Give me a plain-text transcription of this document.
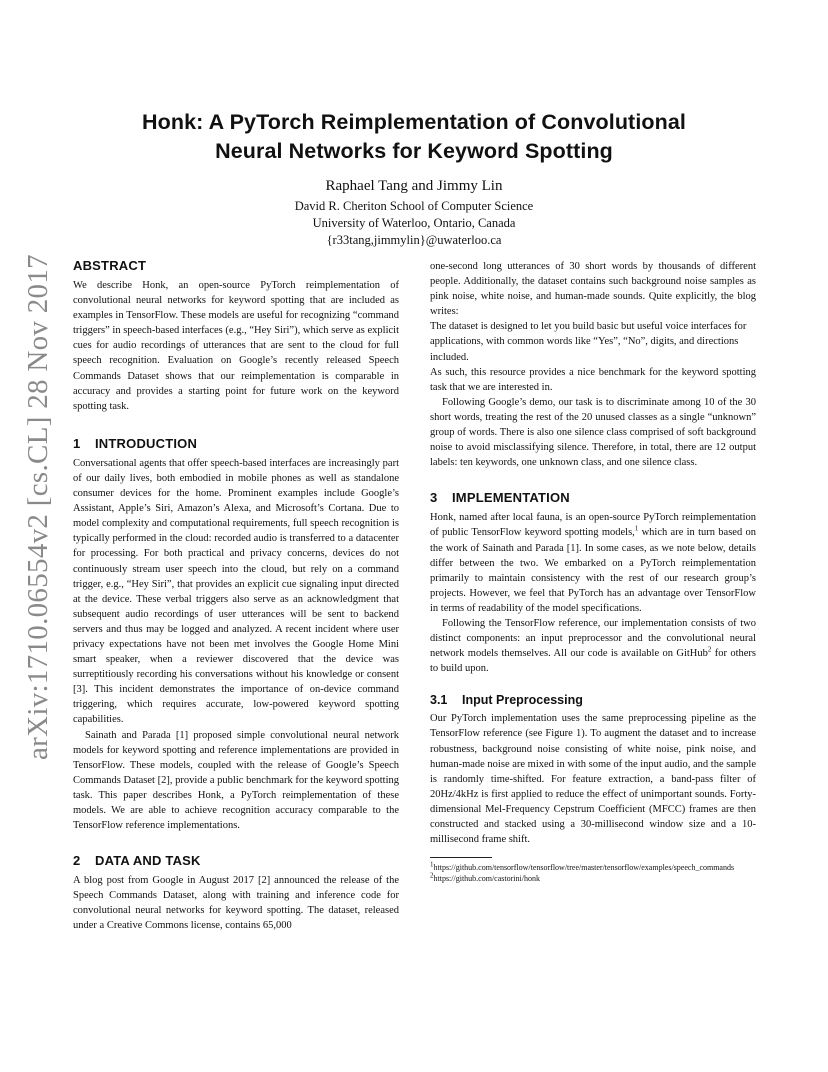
arXiv:1710.06554v2 [cs.CL] 28 Nov 2017
Honk: A PyTorch Reimplementation of Convolutional
Neural Networks for Keyword Spotting
Raphael Tang and Jimmy Lin
David R. Cheriton School of Computer Science
University of Waterloo, Ontario, Canada
{r33tang,jimmylin}@uwaterloo.ca
ABSTRACT

We describe Honk, an open-source PyTorch reimplementation of convolutional neural networks for keyword spotting that are included as examples in TensorFlow. These models are useful for recognizing “command triggers” in speech-based interfaces (e.g., “Hey Siri”), which serve as explicit cues for audio recordings of utterances that are sent to the cloud for full speech recognition. Evaluation on Google’s recently released Speech Commands Dataset shows that our reimplementation is comparable in accuracy and provides a starting point for future work on the keyword spotting task.

1 INTRODUCTION

Conversational agents that offer speech-based interfaces are increasingly part of our daily lives, both embodied in mobile phones as well as standalone consumer devices for the home. Prominent examples include Google’s Assistant, Apple’s Siri, Amazon’s Alexa, and Microsoft’s Cortana. Due to model complexity and computational requirements, full speech recognition is typically performed in the cloud: recorded audio is transferred to a datacenter for processing. For both practical and privacy concerns, devices do not continuously stream user speech into the cloud, but rely on a command trigger, e.g., “Hey Siri”, that provides an explicit cue signaling input directed at the device. These verbal triggers also serve as an acknowledgment that subsequent audio recordings of user utterances will be sent to backend servers and thus may be logged and analyzed. A recent incident where user privacy expectations have not been met involves the Google Home Mini smart speaker, when a reviewer discovered that the device was surreptitiously recording his conversations without his knowledge or consent [3]. This incident demonstrates the importance of on-device command triggering, which requires accurate, low-powered keyword spotting capabilities.

Sainath and Parada [1] proposed simple convolutional neural network models for keyword spotting and reference implementations are provided in TensorFlow. These models, coupled with the release of Google’s Speech Commands Dataset [2], provide a public benchmark for the keyword spotting task. This paper describes Honk, a PyTorch reimplementation of these models. We are able to achieve recognition accuracy comparable to the TensorFlow reference implementations.

2 DATA AND TASK

A blog post from Google in August 2017 [2] announced the release of the Speech Commands Dataset, along with training and inference code for convolutional neural networks for keyword spotting. The dataset, released under a Creative Commons license, contains 65,000

one-second long utterances of 30 short words by thousands of different people. Additionally, the dataset contains such background noise samples as pink noise, white noise, and human-made sounds. Quite explicitly, the blog writes:

The dataset is designed to let you build basic but useful voice interfaces for applications, with common words like “Yes”, “No”, digits, and directions included.

As such, this resource provides a nice benchmark for the keyword spotting task that we are interested in.

Following Google’s demo, our task is to discriminate among 10 of the 30 short words, treating the rest of the 20 unused classes as a single “unknown” group of words. There is also one silence class comprised of soft background noise to avoid misclassifying silence. Therefore, in total, there are 12 output labels: ten keywords, one unknown class, and one silence class.

3 IMPLEMENTATION

Honk, named after local fauna, is an open-source PyTorch reimplementation of public TensorFlow keyword spotting models,$^1$ which are in turn based on the work of Sainath and Parada [1]. In some cases, as we note below, details differ between the two. We embarked on a PyTorch reimplementation primarily to maintain consistency with the rest of our research group’s projects. However, we feel that PyTorch has an advantage over TensorFlow in terms of readability of the model specifications.

Following the TensorFlow reference, our implementation consists of two distinct components: an input preprocessor and the convolutional neural network models themselves. All our code is available on GitHub$^2$ for others to build upon.

3.1 Input Preprocessing

Our PyTorch implementation uses the same preprocessing pipeline as the TensorFlow reference (see Figure 1). To augment the dataset and to increase robustness, background noise consisting of white noise, pink noise, and human-made noise are mixed in with some of the input audio, and the sample is randomly time-shifted. For feature extraction, a band-pass filter of 20Hz/4kHz is first applied to reduce the effect of unimportant sounds. Forty-dimensional Mel-Frequency Cepstrum Coefficient (MFCC) frames are then constructed and stacked using a 30-millisecond window size and a 10-millisecond frame shift.

$^1$https://github.com/tensorflow/tensorflow/tree/master/tensorflow/examples/speech_commands
$^2$https://github.com/castorini/honk
